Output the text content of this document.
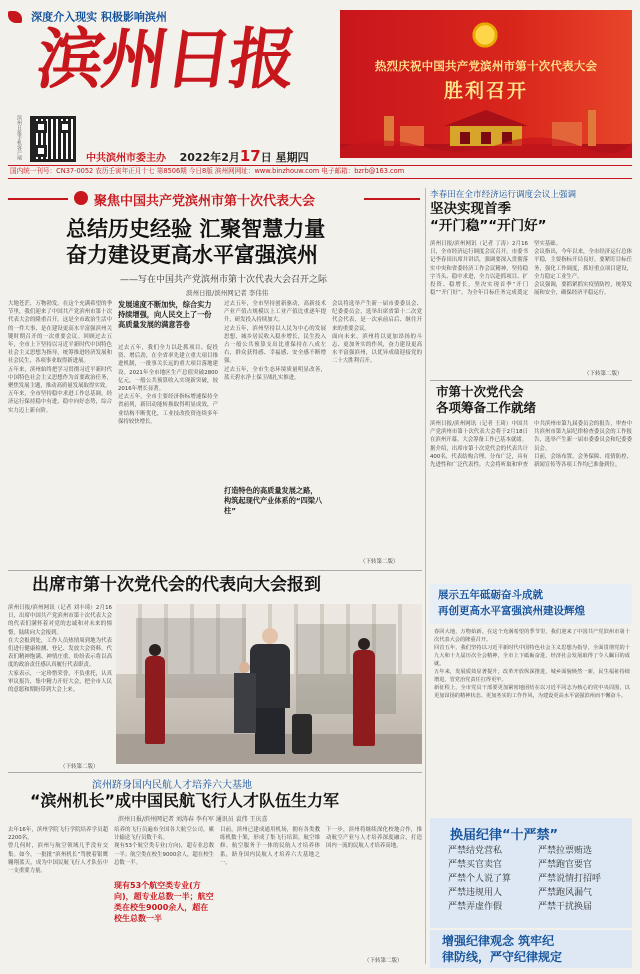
深度介入现实 积极影响滨州
滨州日报
滨州日报手机客户端	中共滨州市委主办 2022年2月17日 星期四
热烈庆祝中国共产党滨州市第十次代表大会
胜利召开
国内统一刊号：CN37-0052 农历壬寅年正月十七 第8506期 今日8版 滨州网网址：www.binzhouw.com 电子邮箱：bzrb@163.com
聚焦中国共产党滨州市第十次代表大会
总结历史经验 汇聚智慧力量
奋力建设更高水平富强滨州
——写在中国共产党滨州市第十次代表大会召开之际
滨州日报/滨州网记者 李伟伟
大地苍茫，万物勃发。在这个充满希望的季节里，我们迎来了中国共产党滨州市第十次代表大会的隆重召开。这是全市政治生活中的一件大事，是在建设更高水平富强滨州关键时期召开的一次重要会议。回顾过去五年，全市上下坚持以习近平新时代中国特色社会主义思想为指导，统筹推进经济发展和社会民生，各项事业取得新进展。
五年来，滨州始终把学习贯彻习近平新时代中国特色社会主义思想作为首要政治任务，聚焦发展主题，推动高质量发展取得实效。
五年来，全市坚持稳中求进工作总基调，经济运行保持稳中有进、稳中向好态势，综合实力迈上新台阶。
发展速度不断加快，综合实力持续增强，向人民交上了一份高质量发展的满意答卷
过去五年，我们全力以赴抓项目、促投资、增后劲，在全省率先建立重大项目推进机制，一批事关长远的重大项目落地建设。2021年全市地区生产总值突破2800亿元，一般公共预算收入实现新突破，较2016年增长显著。
过去五年，全市主要经济指标增速保持全省前列，新旧动能转换取得明显成效，产业结构不断优化，工业技改投资连续多年保持较快增长。
过去五年，全市坚持创新驱动，高新技术产业产值占规模以上工业产值比重逐年提升，研发投入持续加大。
过去五年，滨州坚持以人民为中心的发展思想，城乡居民收入稳步增长，民生投入占一般公共预算支出比重保持在八成左右，群众获得感、幸福感、安全感不断增强。
过去五年，全市生态环境质量明显改善，蓝天碧水净土保卫战扎实推进。
打造特色的高质量发展之路，构筑起现代产业体系的“四梁八柱”
会议将选举产生新一届市委委员会、纪委委员会，选举出席省第十二次党代会代表，是一次承前启后、继往开来的重要会议。
面向未来，滨州将以更加昂扬的斗志、更加务实的作风，奋力建设更高水平富强滨州，以优异成绩迎接党的二十大胜利召开。
（下转第二版）
李春田在全市经济运行调度会议上强调
坚决实现首季
“开门稳”“开门好”
滨州日报/滨州网讯（记者 丁涛）2月16日，全市经济运行调度会议召开。市委书记李春田出席并讲话，强调要深入贯彻落实中央和省委经济工作会议精神，坚持稳字当头、稳中求进，全力以赴抓项目、扩投资、稳增长，坚决实现首季“开门稳”“开门好”，为全年目标任务完成奠定坚实基础。
会议指出，今年以来，全市经济运行总体平稳，主要指标开局良好。要紧盯目标任务，强化工作调度，抓好重点项目建设，全力稳定工业生产。
会议强调，要抓紧抓实疫情防控，统筹发展和安全，确保经济平稳运行。
（下转第二版）
市第十次党代会
各项筹备工作就绪
滨州日报/滨州网讯（记者 王琦）中国共产党滨州市第十次代表大会将于2月18日在滨州开幕。大会筹备工作已基本就绪。
据介绍，出席市第十次党代会的代表共计400名，代表结构合理、分布广泛，具有先进性和广泛代表性。大会将听取和审查中共滨州市第九届委员会的报告，审查中共滨州市第九届纪律检查委员会的工作报告，选举产生新一届市委委员会和纪委委员会。
目前，会场布置、会务保障、疫情防控、新闻宣传等各项工作均已准备到位。
出席市第十次党代会的代表向大会报到
滨州日报/滨州网讯（记者 刘丰琦）2月16日，出席中国共产党滨州市第十次代表大会的代表们满怀着对党的忠诚和对未来的憧憬，陆续向大会报到。
在大会报到处，工作人员热情周到地为代表们进行健康检测、登记、发放大会资料。代表们精神饱满、神情庄重，纷纷表示将以高度的政治责任感认真履行代表职责。
大家表示，一定珍惜荣誉，不负重托，认真审议报告，集中精力开好大会，把全市人民的意愿和期盼带到大会上来。
（下转第二版）
展示五年砥砺奋斗成就
再创更高水平富强滨州建设辉煌
春回大地，万物始新。在这个充满希望的季节里，我们迎来了中国共产党滨州市第十次代表大会的隆重召开。
回首五年，我们坚持以习近平新时代中国特色社会主义思想为指导，全面贯彻党的十九大和十九届历次全会精神，全市上下砥砺奋进，经济社会发展取得了令人瞩目的成就。
五年来，发展质效显著提升，改革开放纵深推进，城乡面貌焕然一新，民生福祉持续增进，管党治党责任扛得更牢。
新征程上，全市党员干部要更加紧密地团结在以习近平同志为核心的党中央周围，以更加昂扬的精神状态、更加务实的工作作风，为建设更高水平富强滨州而不懈奋斗。
滨州跻身国内民航人才培养六大基地
“滨州机长”成中国民航飞行人才队伍生力军
滨州日报/滨州网记者 刘涛春 李有军 通讯员 袁伟 王庆喜
去年16年，滨州学院飞行学院培养学员超2200名。
曾几何时，滨州与航空领域几乎没有交集。如今，一批批“滨州机长”驾驶着银鹰翱翔蓝天，成为中国民航飞行人才队伍中一支重要力量。
培养的飞行员遍布全国各大航空公司，累计输送飞行员数千名。
现有53个航空类专业(方向)，超专业总数一半；航空类在校生9000余人，超在校生总数一半。
现有53个航空类专业(方向)，超专业总数一半；航空类在校生9000余人，超在校生总数一半
目前，滨州已建成通用机场，拥有各类教练机数十架，形成了集飞行培训、航空维修、航空服务于一体的民航人才培养体系，跻身国内民航人才培养六大基地之一。
下一步，滨州将继续深化校地合作，推动航空产业与人才培养深度融合，打造国内一流的民航人才培养高地。
（下转第二版）
换届纪律“十严禁”
严禁结党营私
严禁买官卖官
严禁个人说了算
严禁违规用人
严禁弄虚作假
严禁拉票贿选
严禁跑官要官
严禁说情打招呼
严禁跑风漏气
严禁干扰换届
增强纪律观念 筑牢纪
律防线，严守纪律规定
